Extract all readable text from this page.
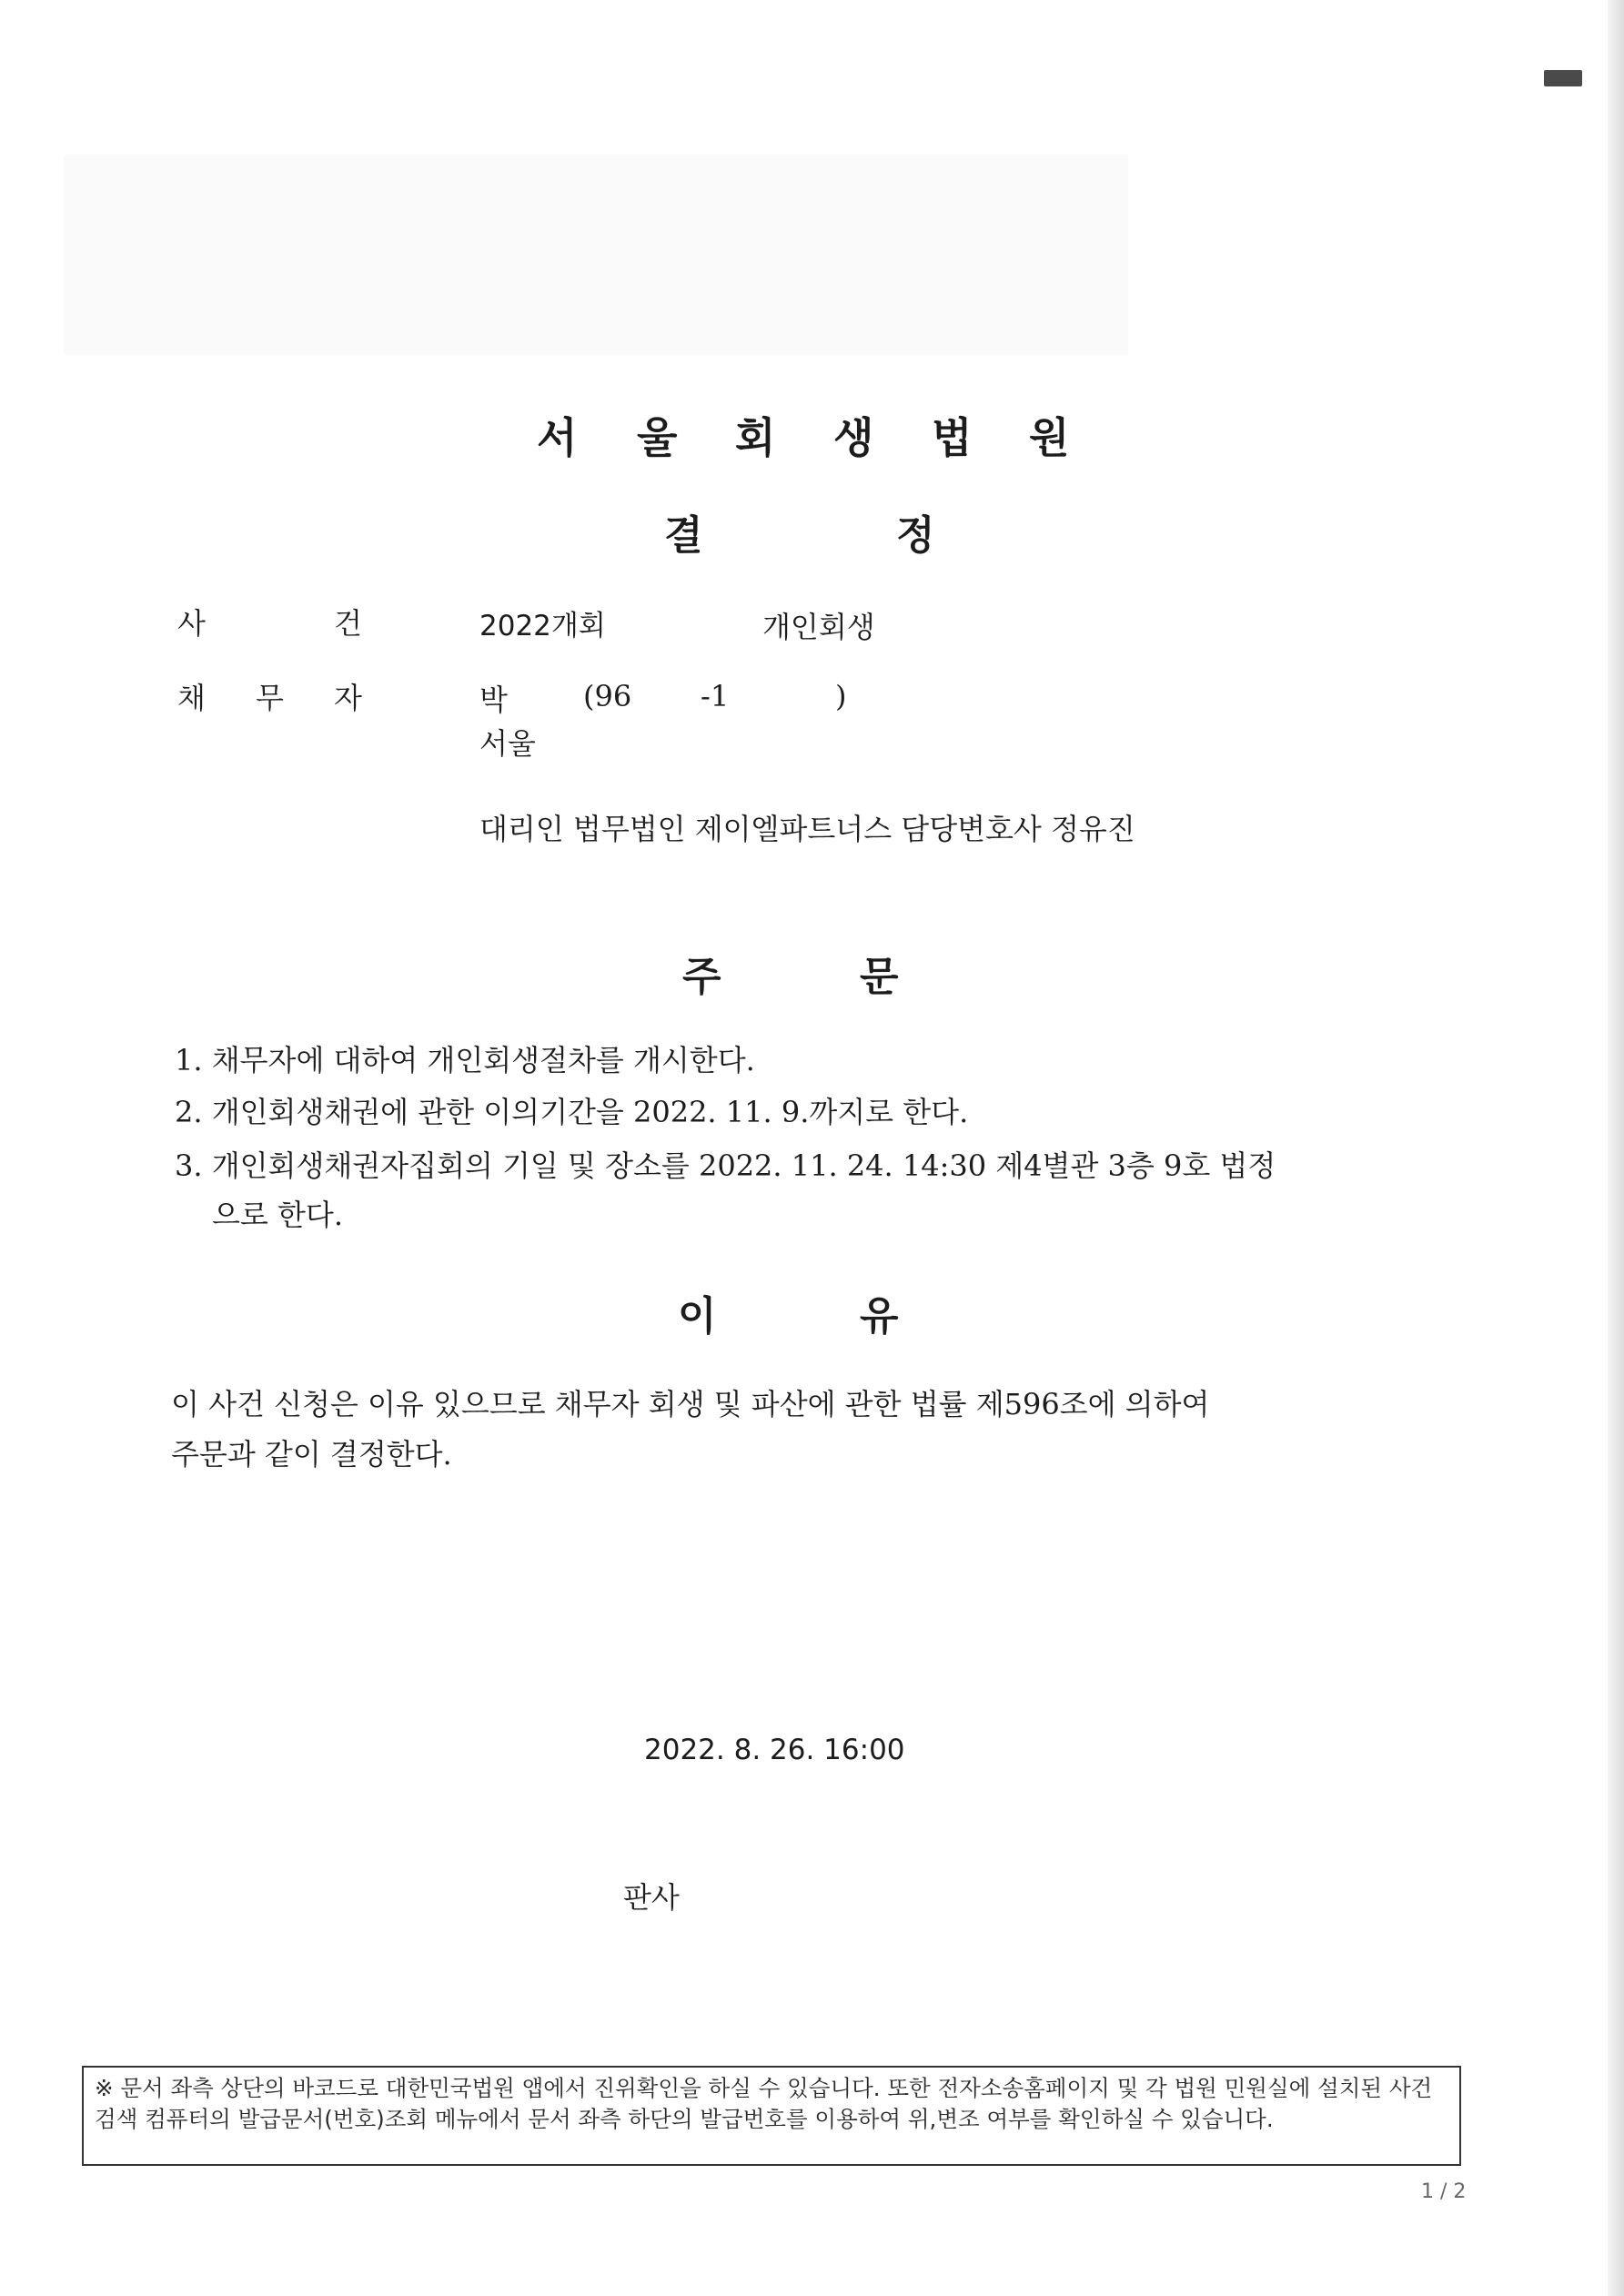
서 울 회 생 법 원
결	정
사	건	2022개회	개인회생
채 무 자	박	(96 -1	)
서울
대리인 법무법인 제이엘파트너스 담당변호사 정유진
주	문
1. 채무자에 대하여 개인회생절차를 개시한다.
2. 개인회생채권에 관한 이의기간을 2022. 11. 9.까지로 한다.
3. 개인회생채권자집회의 기일 및 장소를 2022. 11. 24. 14:30 제4별관 3층 9호 법정
으로 한다.
이	유
이 사건 신청은 이유 있으므로 채무자 회생 및 파산에 관한 법률 제596조에 의하여
주문과 같이 결정한다.
2022. 8. 26. 16:00
판사
※ 문서 좌측 상단의 바코드로 대한민국법원 앱에서 진위확인을 하실 수 있습니다. 또한 전자소송홈페이지 및 각 법원 민원실에 설치된 사건검색 컴퓨터의 발급문서(번호)조회 메뉴에서 문서 좌측 하단의 발급번호를 이용하여 위,변조 여부를 확인하실 수 있습니다.
1 / 2
